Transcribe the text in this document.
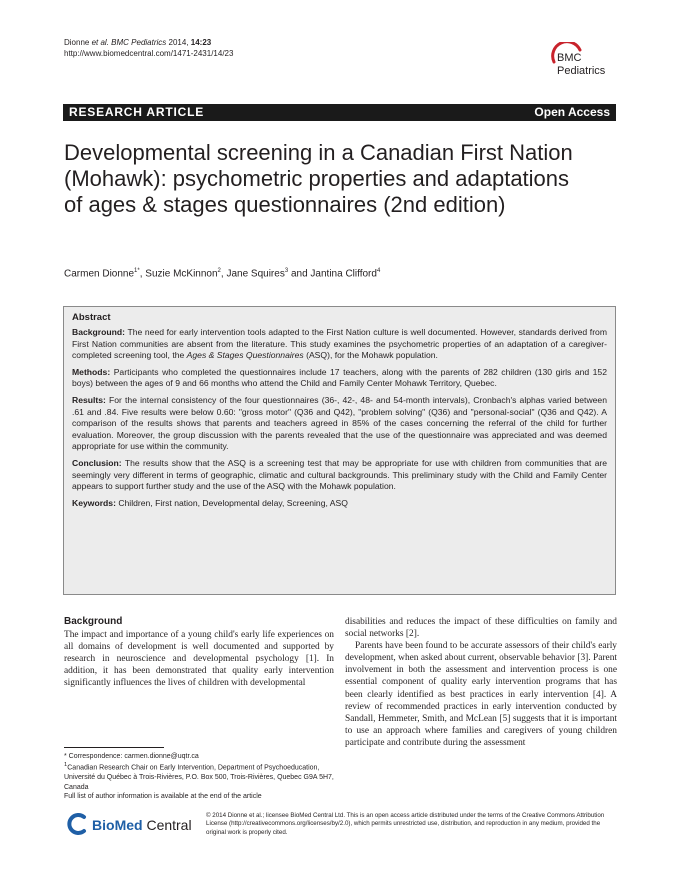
Dionne et al. BMC Pediatrics 2014, 14:23
http://www.biomedcentral.com/1471-2431/14/23	BMC
Pediatrics
RESEARCH ARTICLE	Open Access
Developmental screening in a Canadian First Nation (Mohawk): psychometric properties and adaptations of ages & stages questionnaires (2nd edition)
Carmen Dionne$^{1*}$, Suzie McKinnon$^2$, Jane Squires$^3$ and Jantina Clifford$^4$
Abstract

Background: The need for early intervention tools adapted to the First Nation culture is well documented. However, standards derived from First Nation communities are absent from the literature. This study examines the psychometric properties of an adaptation of a caregiver-completed screening tool, the Ages & Stages Questionnaires (ASQ), for the Mohawk population.

Methods: Participants who completed the questionnaires include 17 teachers, along with the parents of 282 children (130 girls and 152 boys) between the ages of 9 and 66 months who attend the Child and Family Center Mohawk Territory, Quebec.

Results: For the internal consistency of the four questionnaires (36-, 42-, 48- and 54-month intervals), Cronbach's alphas varied between .61 and .84. Five results were below 0.60: "gross motor" (Q36 and Q42), "problem solving" (Q36) and "personal-social" (Q36 and Q42). A comparison of the results shows that parents and teachers agreed in 85% of the cases concerning the referral of the child for further evaluation. Moreover, the group discussion with the parents revealed that the use of the questionnaire was appreciated and was deemed appropriate for use within the community.

Conclusion: The results show that the ASQ is a screening test that may be appropriate for use with children from communities that are seemingly very different in terms of geographic, climatic and cultural backgrounds. This preliminary study with the Child and Family Center appears to support further study and the use of the ASQ with the Mohawk population.

Keywords: Children, First nation, Developmental delay, Screening, ASQ

Background

The impact and importance of a young child's early life experiences on all domains of development is well documented and supported by research in neuroscience and developmental psychology [1]. In addition, it has been demonstrated that quality early intervention significantly influences the lives of children with developmental

disabilities and reduces the impact of these difficulties on family and social networks [2].

Parents have been found to be accurate assessors of their child's early development, when asked about current, observable behavior [3]. Parent involvement in both the assessment and intervention process is one essential component of quality early intervention programs that has been clearly identified as best practices in early intervention [4]. A review of recommended practices in early intervention conducted by Sandall, Hemmeter, Smith, and McLean [5] suggests that it is important to use an approach where families and caregivers of young children participate and contribute during the assessment

* Correspondence: carmen.dionne@uqtr.ca

$^1$Canadian Research Chair on Early Intervention, Department of Psychoeducation, Université du Québec à Trois-Rivières, P.O. Box 500, Trois-Rivières, Quebec G9A 5H7, Canada

Full list of author information is available at the end of the article

BioMed Central
© 2014 Dionne et al.; licensee BioMed Central Ltd. This is an open access article distributed under the terms of the Creative Commons Attribution License (http://creativecommons.org/licenses/by/2.0), which permits unrestricted use, distribution, and reproduction in any medium, provided the original work is properly cited.
